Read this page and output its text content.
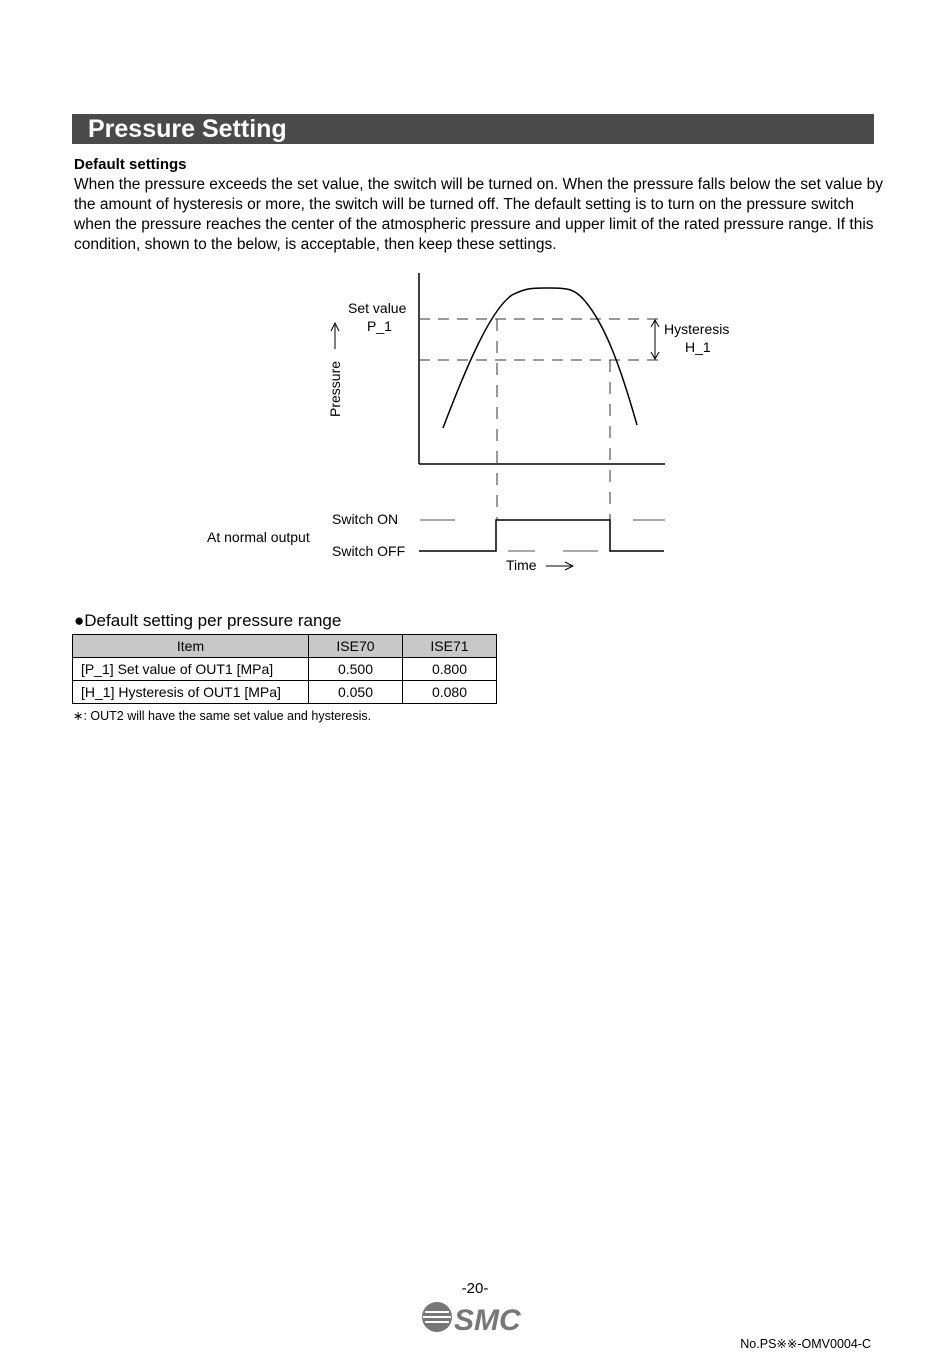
Pressure Setting
Default settings
When the pressure exceeds the set value, the switch will be turned on. When the pressure falls below the set value by the amount of hysteresis or more, the switch will be turned off. The default setting is to turn on the pressure switch when the pressure reaches the center of the atmospheric pressure and upper limit of the rated pressure range. If this condition, shown to the below, is acceptable, then keep these settings.
Set value
P_1	Hysteresis
H_1
Pressure
Switch ON
Switch OFF
At normal output
Time
●Default setting per pressure range
Item	ISE70	ISE71
[P_1] Set value of OUT1 [MPa]	0.500	0.800
[H_1] Hysteresis of OUT1 [MPa]	0.050	0.080
∗: OUT2 will have the same set value and hysteresis.
-20-
SMC
No.PS※※-OMV0004-C
